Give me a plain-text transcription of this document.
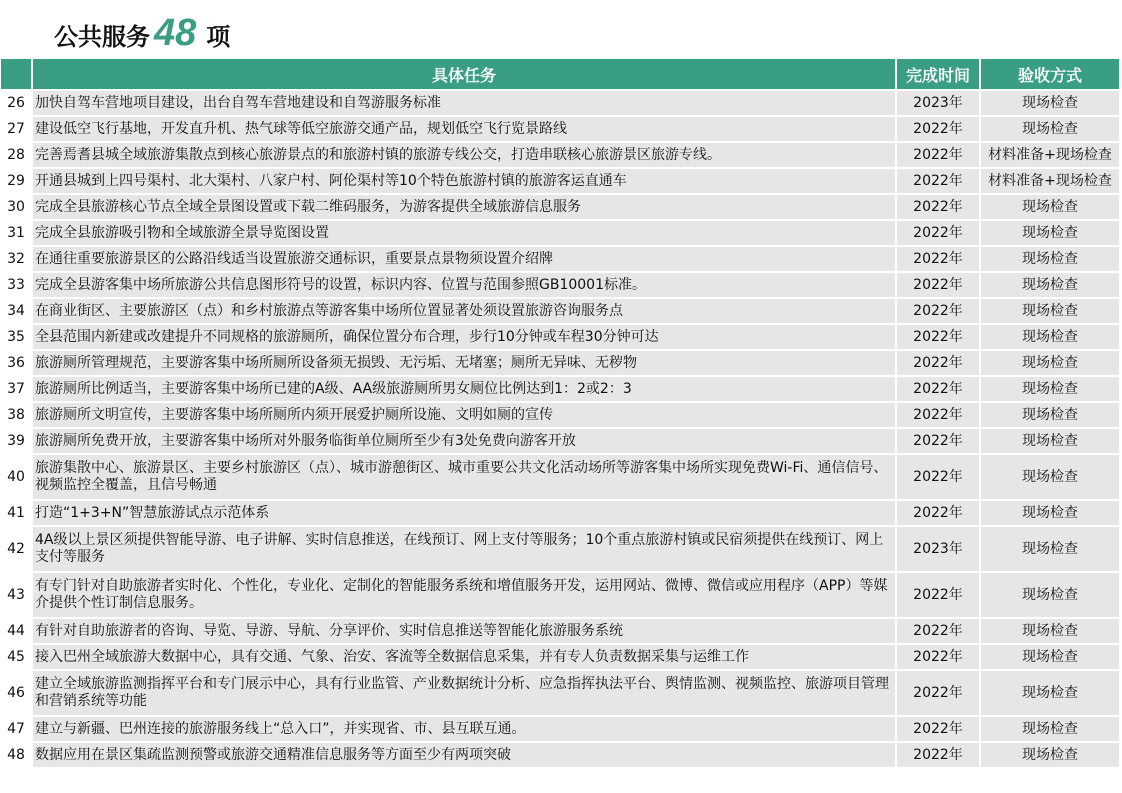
公共服务 48 项
	具体任务	完成时间	验收方式
26	加快自驾车营地项目建设，出台自驾车营地建设和自驾游服务标准	2023年	现场检查
27	建设低空飞行基地，开发直升机、热气球等低空旅游交通产品，规划低空飞行览景路线	2022年	现场检查
28	完善焉耆县城全域旅游集散点到核心旅游景点的和旅游村镇的旅游专线公交，打造串联核心旅游景区旅游专线。	2022年	材料准备+现场检查
29	开通县城到上四号渠村、北大渠村、八家户村、阿伦渠村等10个特色旅游村镇的旅游客运直通车	2022年	材料准备+现场检查
30	完成全县旅游核心节点全域全景图设置或下载二维码服务，为游客提供全域旅游信息服务	2022年	现场检查
31	完成全县旅游吸引物和全域旅游全景导览图设置	2022年	现场检查
32	在通往重要旅游景区的公路沿线适当设置旅游交通标识，重要景点景物须设置介绍牌	2022年	现场检查
33	完成全县游客集中场所旅游公共信息图形符号的设置，标识内容、位置与范围参照GB10001标准。	2022年	现场检查
34	在商业街区、主要旅游区（点）和乡村旅游点等游客集中场所位置显著处须设置旅游咨询服务点	2022年	现场检查
35	全县范围内新建或改建提升不同规格的旅游厕所，确保位置分布合理，步行10分钟或车程30分钟可达	2022年	现场检查
36	旅游厕所管理规范，主要游客集中场所厕所设备须无损毁、无污垢、无堵塞；厕所无异味、无秽物	2022年	现场检查
37	旅游厕所比例适当，主要游客集中场所已建的A级、AA级旅游厕所男女厕位比例达到1：2或2：3	2022年	现场检查
38	旅游厕所文明宣传，主要游客集中场所厕所内须开展爱护厕所设施、文明如厕的宣传	2022年	现场检查
39	旅游厕所免费开放，主要游客集中场所对外服务临街单位厕所至少有3处免费向游客开放	2022年	现场检查
40	旅游集散中心、旅游景区、主要乡村旅游区（点）、城市游憩街区、城市重要公共文化活动场所等游客集中场所实现免费Wi-Fi、通信信号、视频监控全覆盖，且信号畅通	2022年	现场检查
41	打造“1+3+N”智慧旅游试点示范体系	2022年	现场检查
42	4A级以上景区须提供智能导游、电子讲解、实时信息推送，在线预订、网上支付等服务；10个重点旅游村镇或民宿须提供在线预订、网上支付等服务	2023年	现场检查
43	有专门针对自助旅游者实时化、个性化，专业化、定制化的智能服务系统和增值服务开发，运用网站、微博、微信或应用程序（APP）等媒介提供个性订制信息服务。	2022年	现场检查
44	有针对自助旅游者的咨询、导览、导游、导航、分享评价、实时信息推送等智能化旅游服务系统	2022年	现场检查
45	接入巴州全域旅游大数据中心，具有交通、气象、治安、客流等全数据信息采集，并有专人负责数据采集与运维工作	2022年	现场检查
46	建立全域旅游监测指挥平台和专门展示中心，具有行业监管、产业数据统计分析、应急指挥执法平台、舆情监测、视频监控、旅游项目管理和营销系统等功能	2022年	现场检查
47	建立与新疆、巴州连接的旅游服务线上“总入口”，并实现省、市、县互联互通。	2022年	现场检查
48	数据应用在景区集疏监测预警或旅游交通精准信息服务等方面至少有两项突破	2022年	现场检查
